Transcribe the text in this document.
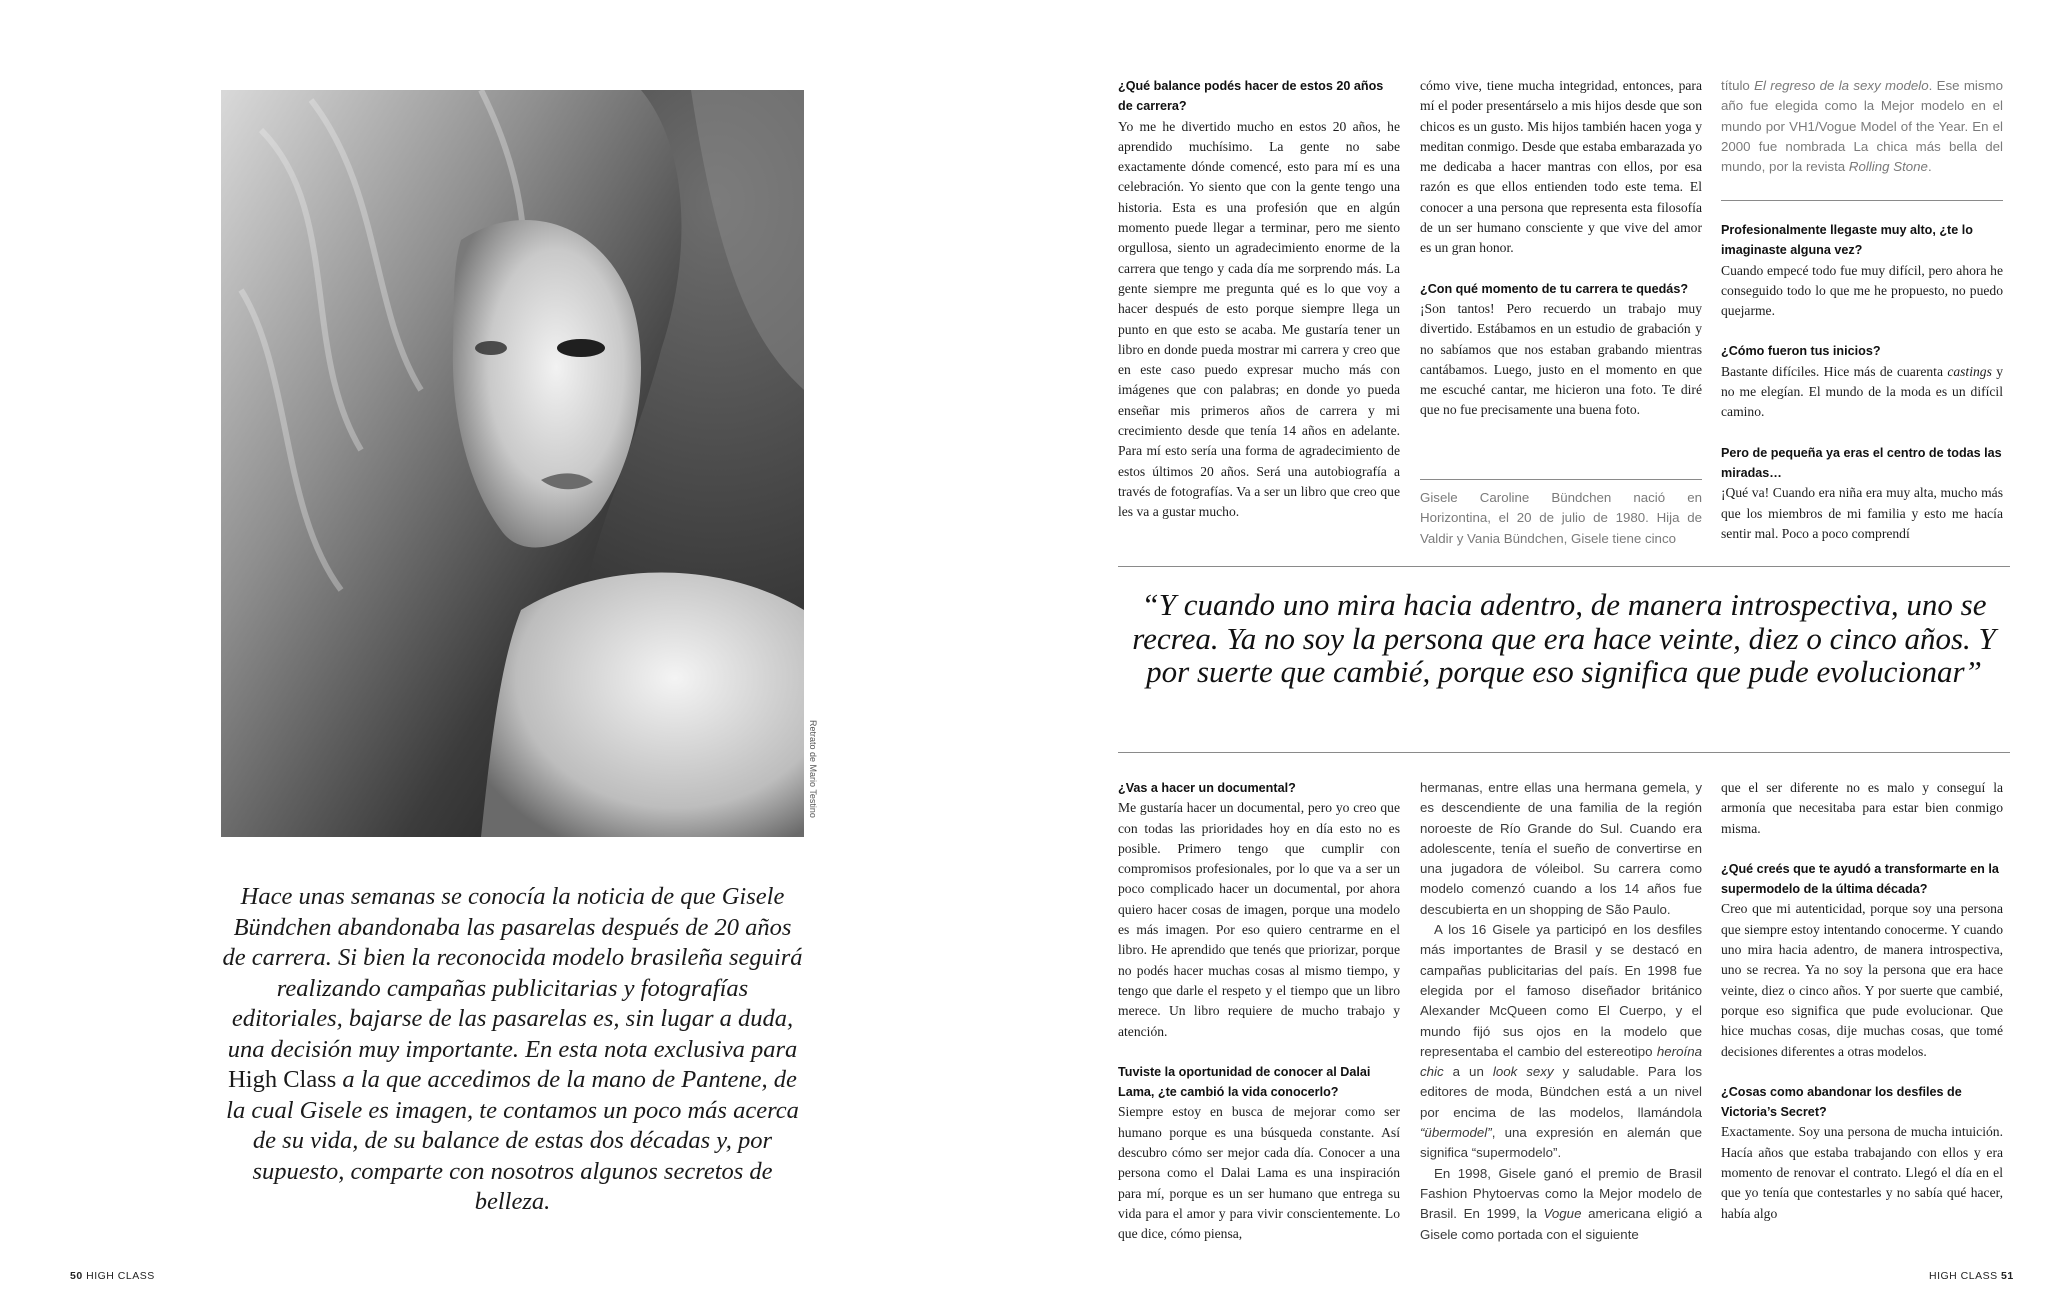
Retrato de Mario Testino
Hace unas semanas se conocía la noticia de que Gisele Bündchen abandonaba las pasarelas después de 20 años de carrera. Si bien la reconocida modelo brasileña seguirá realizando campañas publicitarias y fotografías editoriales, bajarse de las pasarelas es, sin lugar a duda, una decisión muy importante. En esta nota exclusiva para High Class a la que accedimos de la mano de Pantene, de la cual Gisele es imagen, te contamos un poco más acerca de su vida, de su balance de estas dos décadas y, por supuesto, comparte con nosotros algunos secretos de belleza.
50 HIGH CLASS

¿Qué balance podés hacer de estos 20 años de carrera?

Yo me he divertido mucho en estos 20 años, he aprendido muchísimo. La gente no sabe exactamente dónde comencé, esto para mí es una celebración. Yo siento que con la gente tengo una historia. Esta es una profesión que en algún momento puede llegar a terminar, pero me siento orgullosa, siento un agradecimiento enorme de la carrera que tengo y cada día me sorprendo más. La gente siempre me pregunta qué es lo que voy a hacer después de esto porque siempre llega un punto en que esto se acaba. Me gustaría tener un libro en donde pueda mostrar mi carrera y creo que en este caso puedo expresar mucho más con imágenes que con palabras; en donde yo pueda enseñar mis primeros años de carrera y mi crecimiento desde que tenía 14 años en adelante. Para mí esto sería una forma de agradecimiento de estos últimos 20 años. Será una autobiografía a través de fotografías. Va a ser un libro que creo que les va a gustar mucho.

cómo vive, tiene mucha integridad, entonces, para mí el poder presentárselo a mis hijos desde que son chicos es un gusto. Mis hijos también hacen yoga y meditan conmigo. Desde que estaba embarazada yo me dedicaba a hacer mantras con ellos, por esa razón es que ellos entienden todo este tema. El conocer a una persona que representa esta filosofía de un ser humano consciente y que vive del amor es un gran honor.

¿Con qué momento de tu carrera te quedás?

¡Son tantos! Pero recuerdo un trabajo muy divertido. Estábamos en un estudio de grabación y no sabíamos que nos estaban grabando mientras cantábamos. Luego, justo en el momento en que me escuché cantar, me hicieron una foto. Te diré que no fue precisamente una buena foto.

Gisele Caroline Bündchen nació en Horizontina, el 20 de julio de 1980. Hija de Valdir y Vania Bündchen, Gisele tiene cinco

título El regreso de la sexy modelo. Ese mismo año fue elegida como la Mejor modelo en el mundo por VH1/Vogue Model of the Year. En el 2000 fue nombrada La chica más bella del mundo, por la revista Rolling Stone.

Profesionalmente llegaste muy alto, ¿te lo imaginaste alguna vez?

Cuando empecé todo fue muy difícil, pero ahora he conseguido todo lo que me he propuesto, no puedo quejarme.

¿Cómo fueron tus inicios?

Bastante difíciles. Hice más de cuarenta castings y no me elegían. El mundo de la moda es un difícil camino.

Pero de pequeña ya eras el centro de todas las miradas…

¡Qué va! Cuando era niña era muy alta, mucho más que los miembros de mi familia y esto me hacía sentir mal. Poco a poco comprendí

“Y cuando uno mira hacia adentro, de manera introspectiva, uno se recrea. Ya no soy la persona que era hace veinte, diez o cinco años. Y por suerte que cambié, porque eso significa que pude evolucionar”

¿Vas a hacer un documental?

Me gustaría hacer un documental, pero yo creo que con todas las prioridades hoy en día esto no es posible. Primero tengo que cumplir con compromisos profesionales, por lo que va a ser un poco complicado hacer un documental, por ahora quiero hacer cosas de imagen, porque una modelo es más imagen. Por eso quiero centrarme en el libro. He aprendido que tenés que priorizar, porque no podés hacer muchas cosas al mismo tiempo, y tengo que darle el respeto y el tiempo que un libro merece. Un libro requiere de mucho trabajo y atención.

Tuviste la oportunidad de conocer al Dalai Lama, ¿te cambió la vida conocerlo?

Siempre estoy en busca de mejorar como ser humano porque es una búsqueda constante. Así descubro cómo ser mejor cada día. Conocer a una persona como el Dalai Lama es una inspiración para mí, porque es un ser humano que entrega su vida para el amor y para vivir conscientemente. Lo que dice, cómo piensa,

hermanas, entre ellas una hermana gemela, y es descendiente de una familia de la región noroeste de Río Grande do Sul. Cuando era adolescente, tenía el sueño de convertirse en una jugadora de vóleibol. Su carrera como modelo comenzó cuando a los 14 años fue descubierta en un shopping de São Paulo.

A los 16 Gisele ya participó en los desfiles más importantes de Brasil y se destacó en campañas publicitarias del país. En 1998 fue elegida por el famoso diseñador británico Alexander McQueen como El Cuerpo, y el mundo fijó sus ojos en la modelo que representaba el cambio del estereotipo heroína chic a un look sexy y saludable. Para los editores de moda, Bündchen está a un nivel por encima de las modelos, llamándola “übermodel”, una expresión en alemán que significa “supermodelo”.

En 1998, Gisele ganó el premio de Brasil Fashion Phytoervas como la Mejor modelo de Brasil. En 1999, la Vogue americana eligió a Gisele como portada con el siguiente

que el ser diferente no es malo y conseguí la armonía que necesitaba para estar bien conmigo misma.

¿Qué creés que te ayudó a transformarte en la supermodelo de la última década?

Creo que mi autenticidad, porque soy una persona que siempre estoy intentando conocerme. Y cuando uno mira hacia adentro, de manera introspectiva, uno se recrea. Ya no soy la persona que era hace veinte, diez o cinco años. Y por suerte que cambié, porque eso significa que pude evolucionar. Que hice muchas cosas, dije muchas cosas, que tomé decisiones diferentes a otras modelos.

¿Cosas como abandonar los desfiles de Victoria’s Secret?

Exactamente. Soy una persona de mucha intuición. Hacía años que estaba trabajando con ellos y era momento de renovar el contrato. Llegó el día en el que yo tenía que contestarles y no sabía qué hacer, había algo

HIGH CLASS 51
